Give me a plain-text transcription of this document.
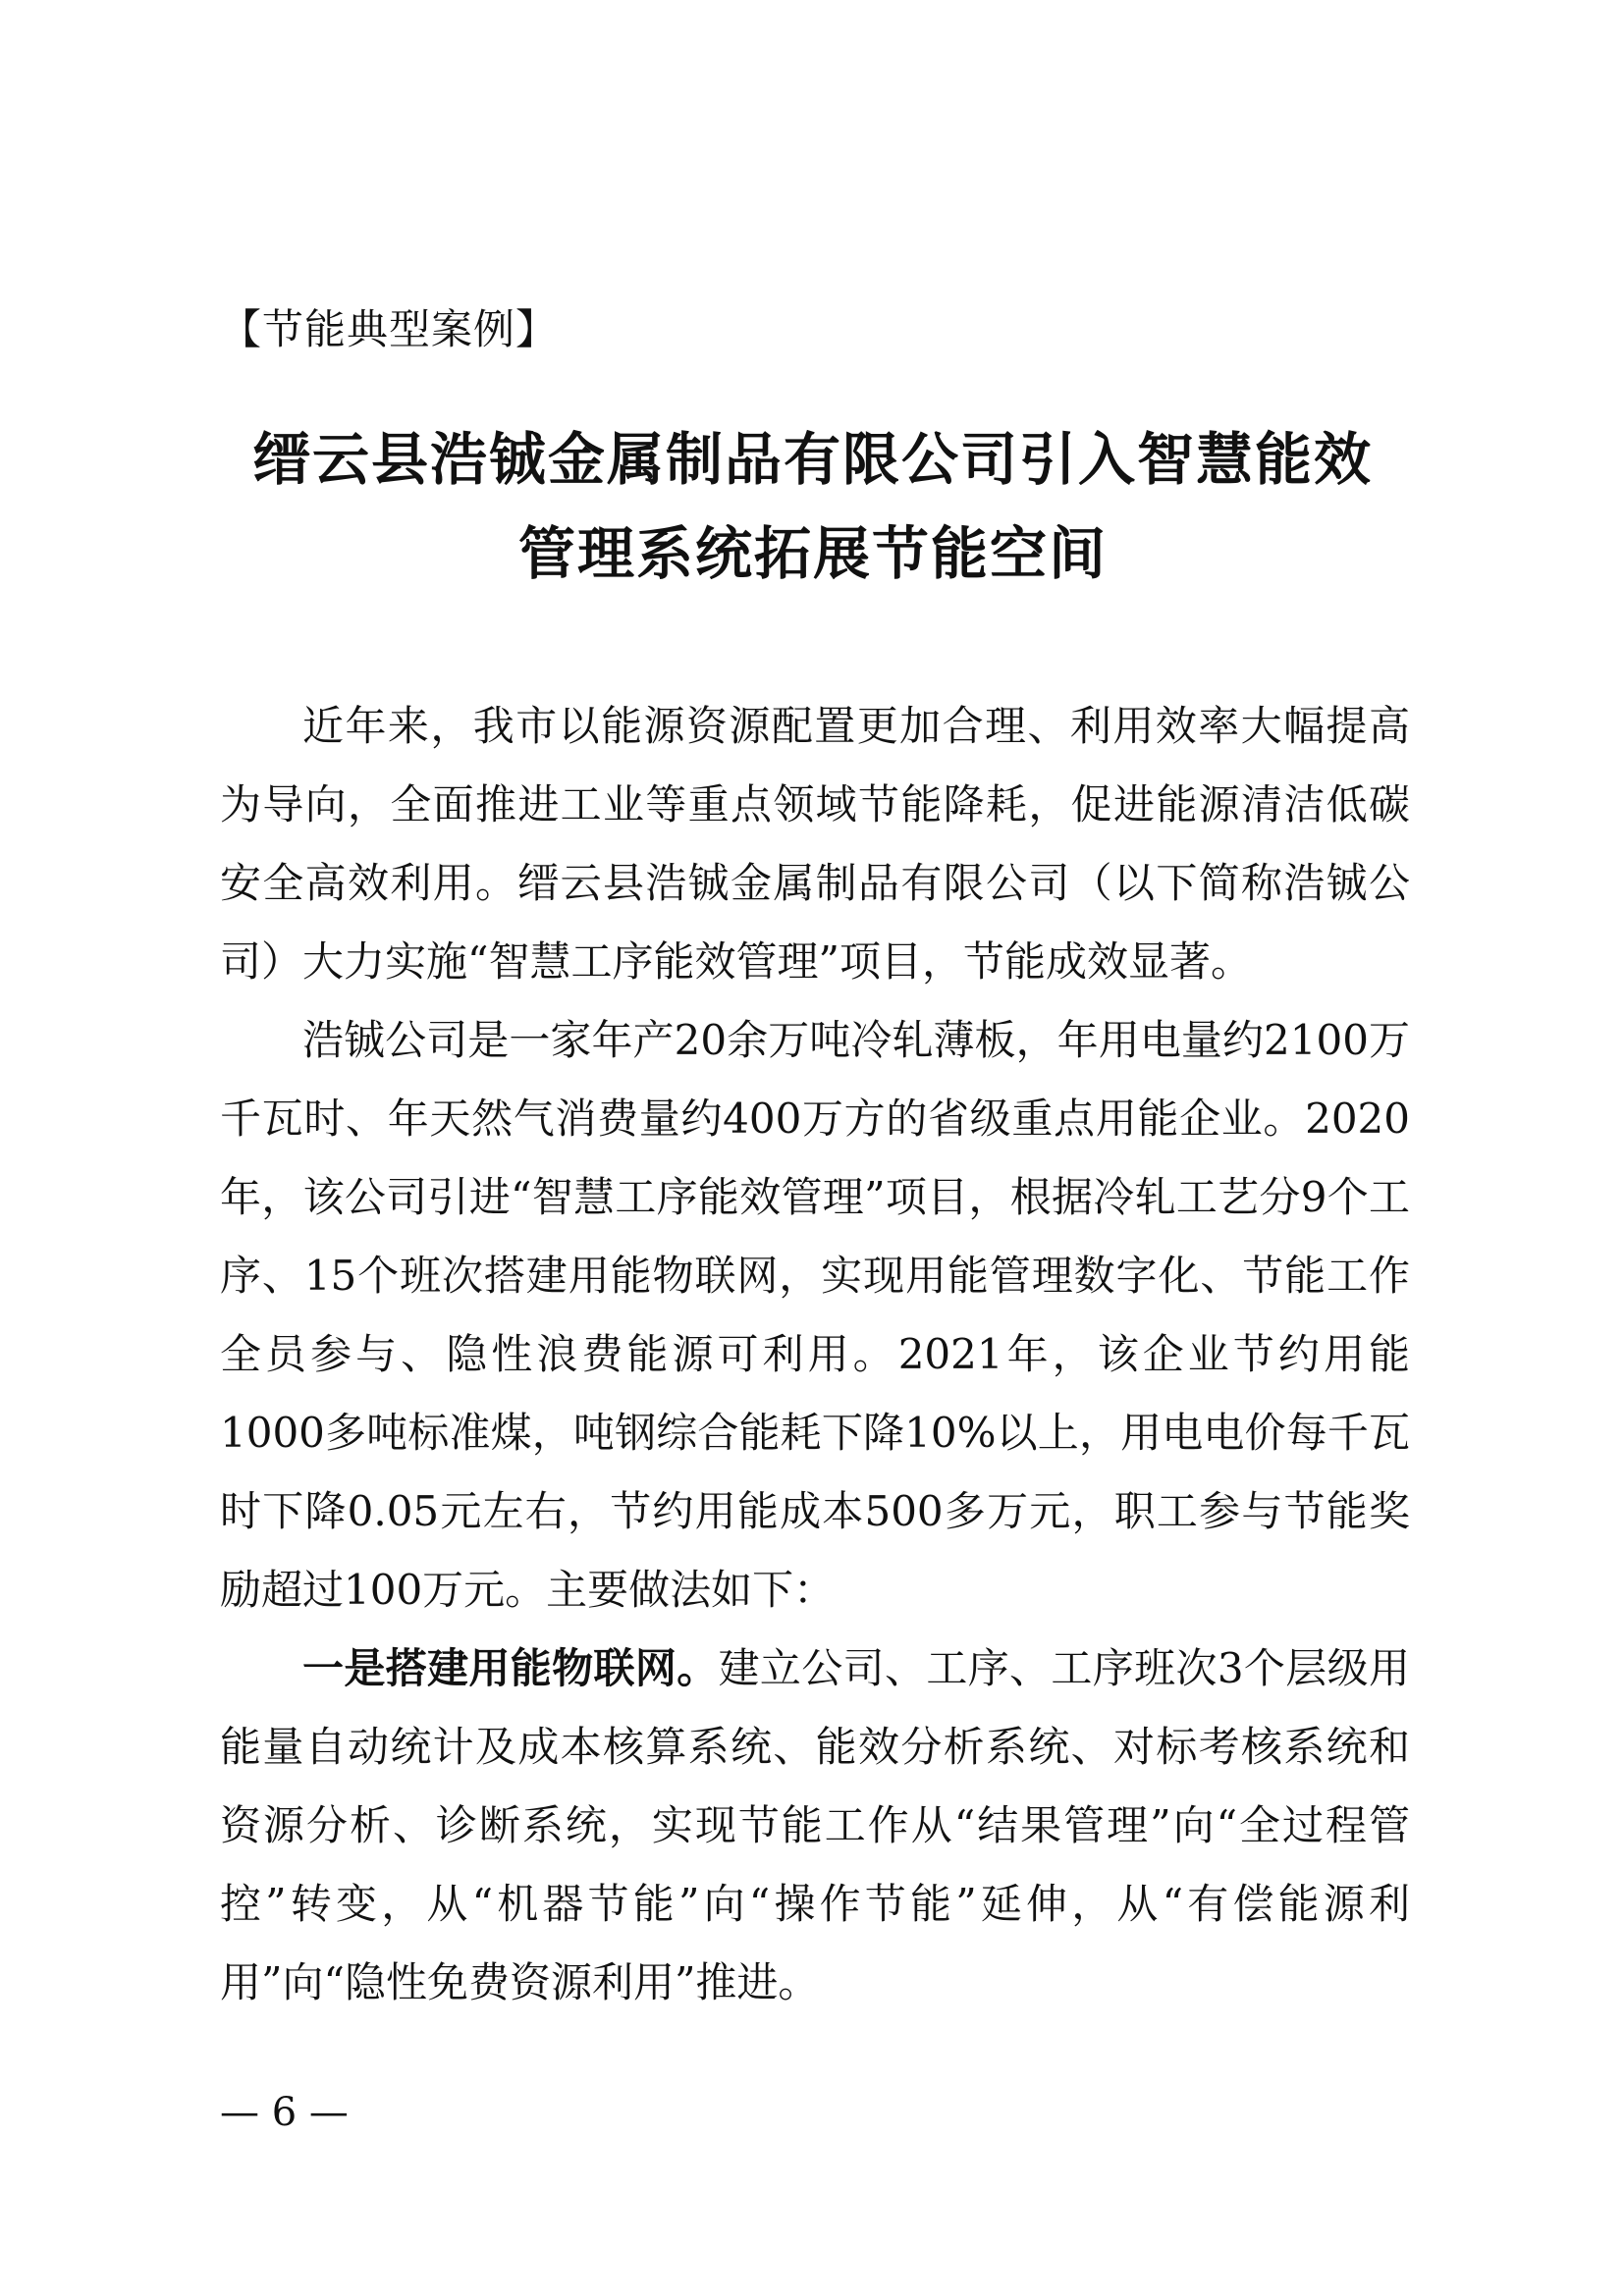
【节能典型案例】
缙云县浩铖金属制品有限公司引入智慧能效
管理系统拓展节能空间

近年来，我市以能源资源配置更加合理、利用效率大幅提高为导向，全面推进工业等重点领域节能降耗，促进能源清洁低碳安全高效利用。缙云县浩铖金属制品有限公司（以下简称浩铖公司）大力实施“智慧工序能效管理”项目，节能成效显著。

浩铖公司是一家年产20余万吨冷轧薄板，年用电量约2100万千瓦时、年天然气消费量约400万方的省级重点用能企业。2020年，该公司引进“智慧工序能效管理”项目，根据冷轧工艺分9个工序、15个班次搭建用能物联网，实现用能管理数字化、节能工作全员参与、隐性浪费能源可利用。2021年，该企业节约用能1000多吨标准煤，吨钢综合能耗下降10%以上，用电电价每千瓦时下降0.05元左右，节约用能成本500多万元，职工参与节能奖励超过100万元。主要做法如下：

一是搭建用能物联网。建立公司、工序、工序班次3个层级用能量自动统计及成本核算系统、能效分析系统、对标考核系统和资源分析、诊断系统，实现节能工作从“结果管理”向“全过程管控”转变，从“机器节能”向“操作节能”延伸，从“有偿能源利用”向“隐性免费资源利用”推进。

— 6 —
